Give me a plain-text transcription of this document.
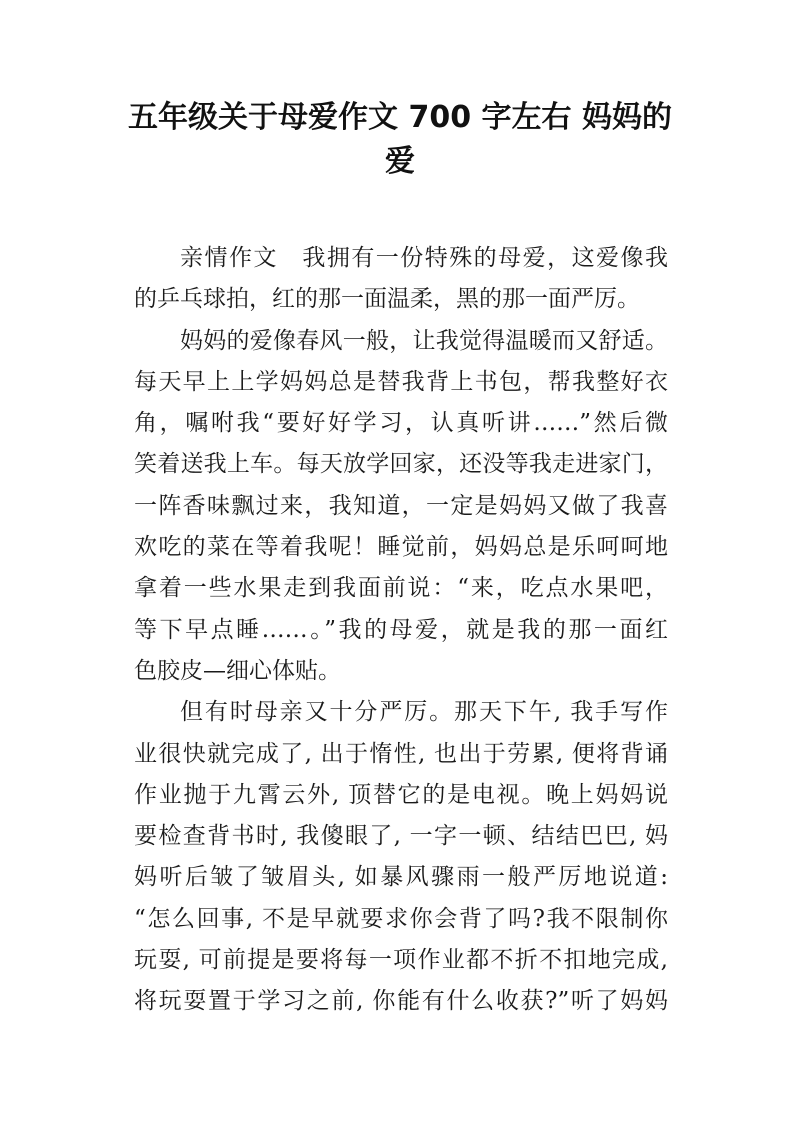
五年级关于母爱作文 700 字左右 妈妈的爱
亲情作文　我拥有一份特殊的母爱，这爱像我
的乒乓球拍，红的那一面温柔，黑的那一面严厉。
妈妈的爱像春风一般，让我觉得温暖而又舒适。
每天早上上学妈妈总是替我背上书包，帮我整好衣
角，嘱咐我“要好好学习，认真听讲……”然后微
笑着送我上车。每天放学回家，还没等我走进家门，
一阵香味飘过来，我知道，一定是妈妈又做了我喜
欢吃的菜在等着我呢！睡觉前，妈妈总是乐呵呵地
拿着一些水果走到我面前说：“来，吃点水果吧，
等下早点睡……。”我的母爱，就是我的那一面红
色胶皮—细心体贴。
但有时母亲又十分严厉。那天下午, 我手写作
业很快就完成了, 出于惰性, 也出于劳累, 便将背诵
作业抛于九霄云外, 顶替它的是电视。晚上妈妈说
要检查背书时, 我傻眼了, 一字一顿、结结巴巴, 妈
妈听后皱了皱眉头, 如暴风骤雨一般严厉地说道:
“怎么回事, 不是早就要求你会背了吗?我不限制你
玩耍, 可前提是要将每一项作业都不折不扣地完成,
将玩耍置于学习之前, 你能有什么收获?”听了妈妈
